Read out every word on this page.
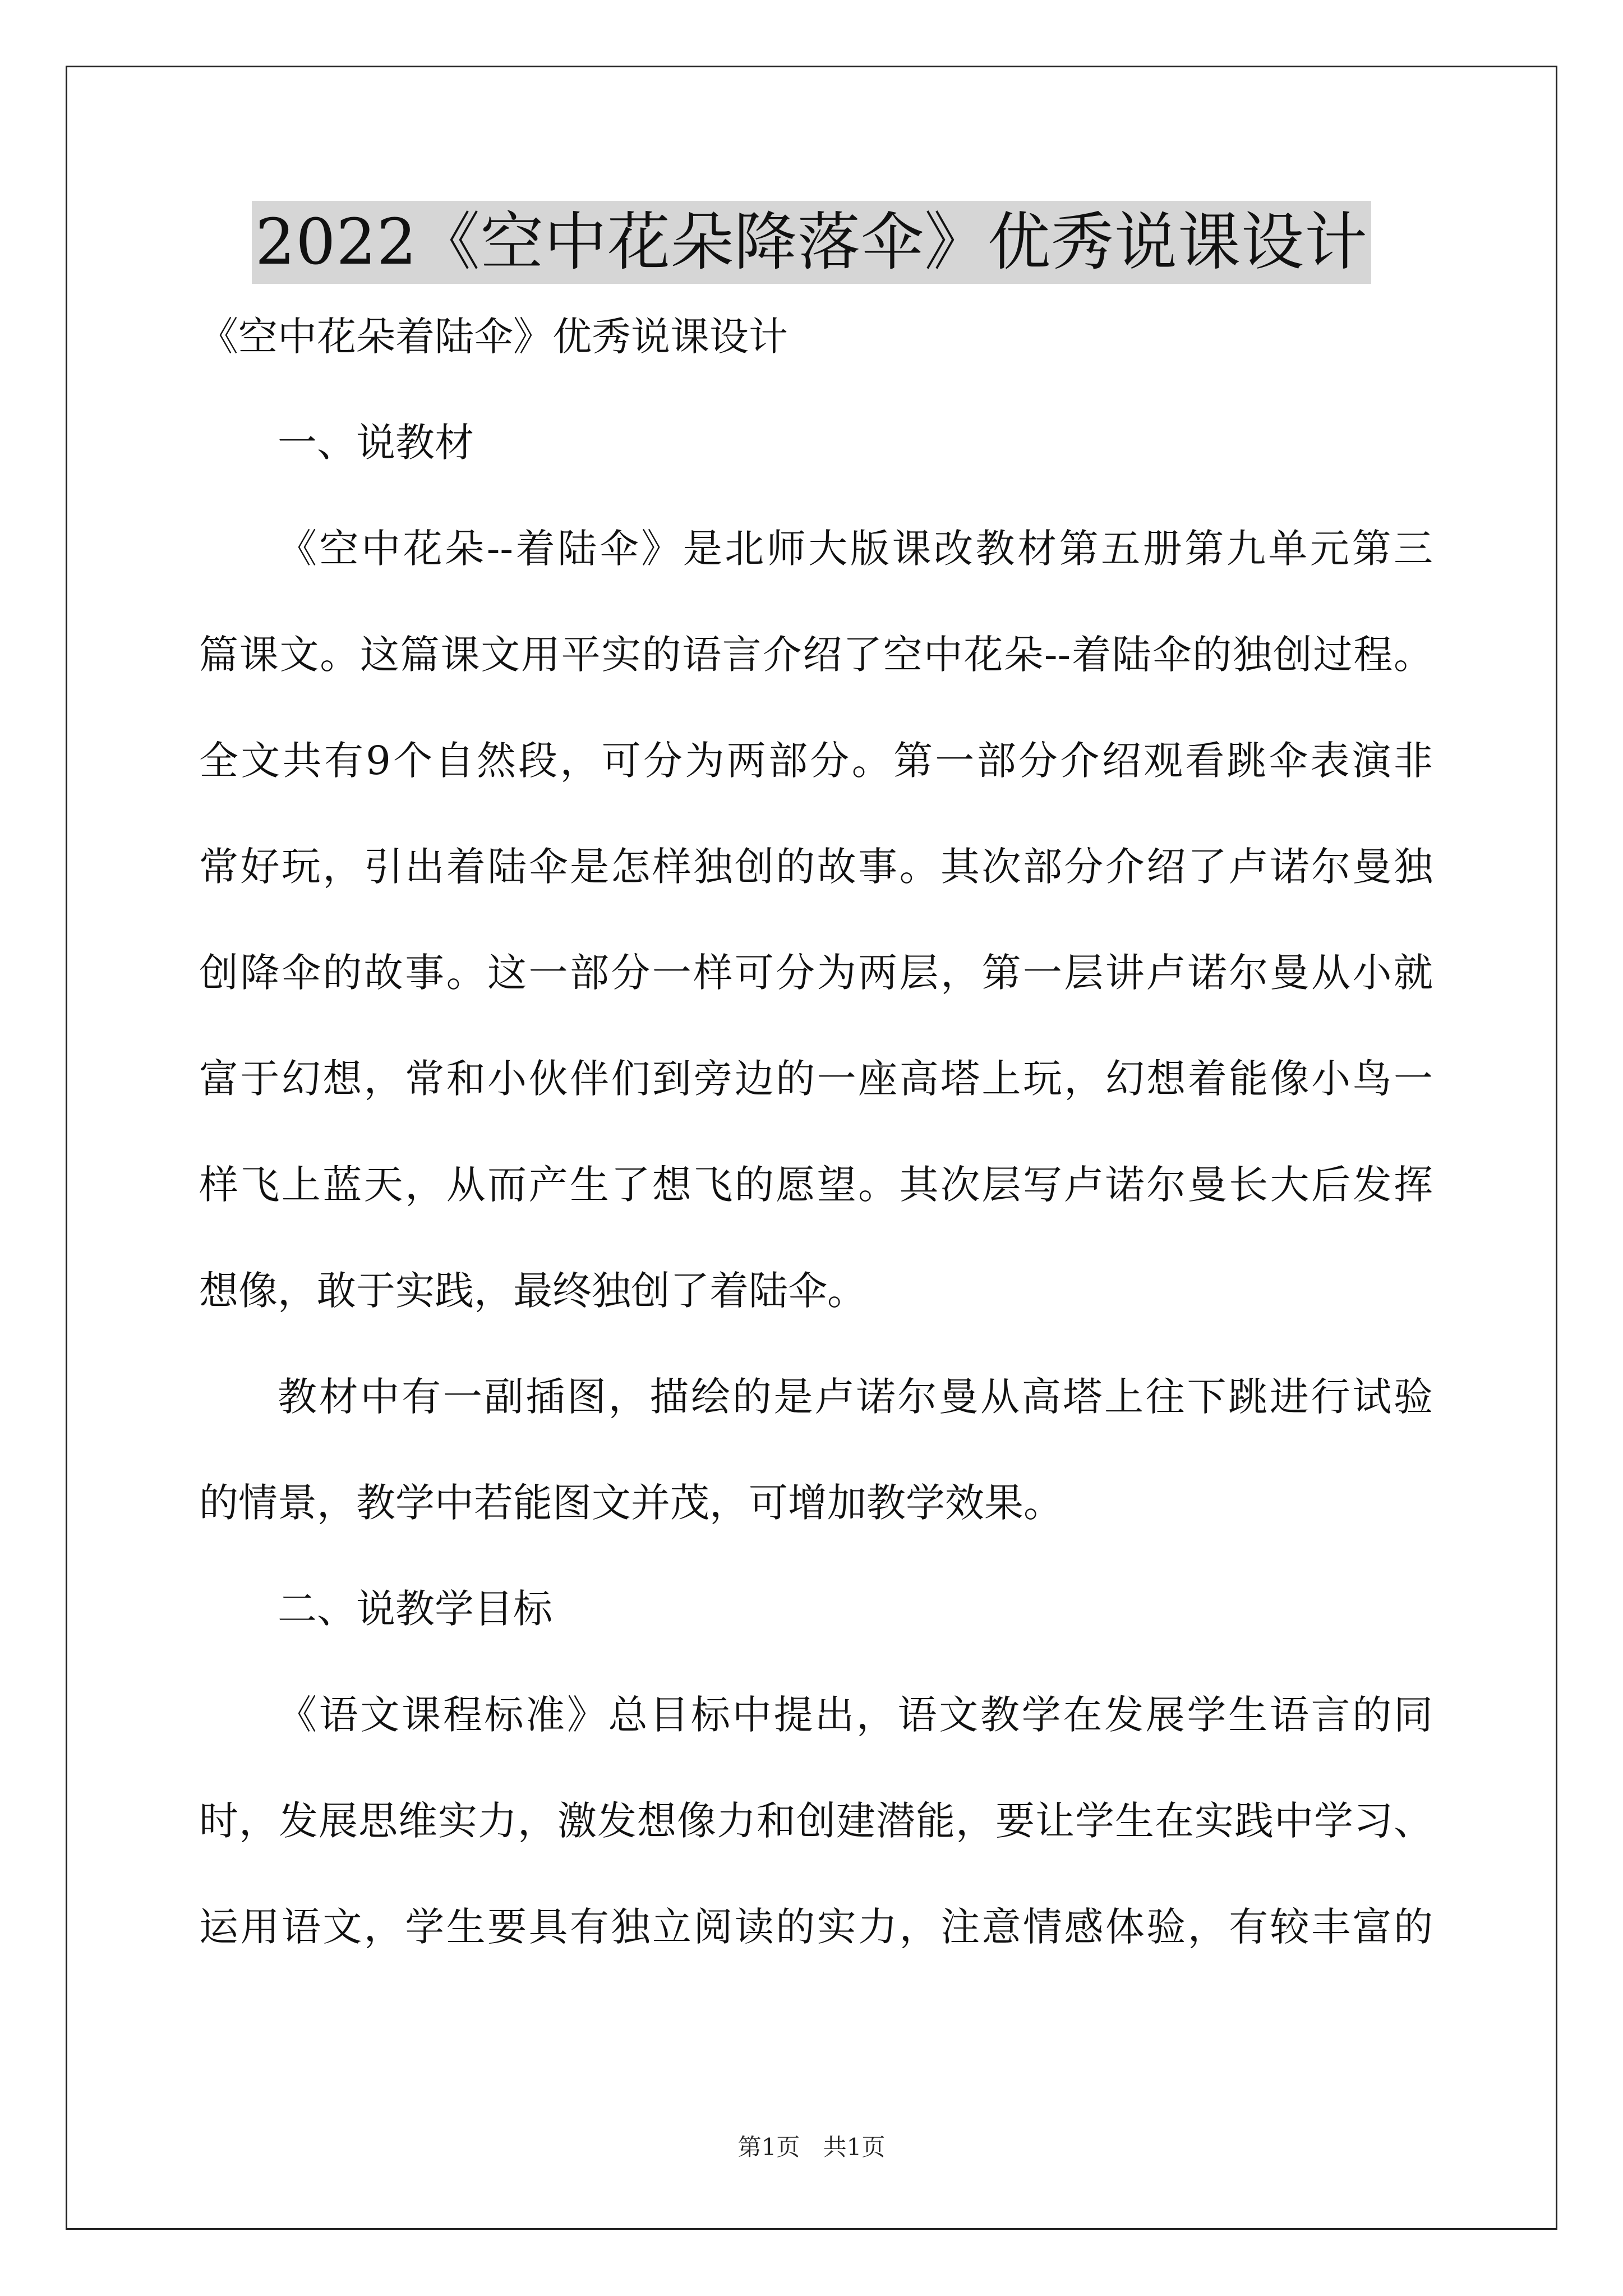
2022《空中花朵降落伞》优秀说课设计
《空中花朵着陆伞》优秀说课设计
一、说教材
《空中花朵--着陆伞》是北师大版课改教材第五册第九单元第三
篇课文。这篇课文用平实的语言介绍了空中花朵--着陆伞的独创过程。
全文共有9个自然段，可分为两部分。第一部分介绍观看跳伞表演非
常好玩，引出着陆伞是怎样独创的故事。其次部分介绍了卢诺尔曼独
创降伞的故事。这一部分一样可分为两层，第一层讲卢诺尔曼从小就
富于幻想，常和小伙伴们到旁边的一座高塔上玩，幻想着能像小鸟一
样飞上蓝天，从而产生了想飞的愿望。其次层写卢诺尔曼长大后发挥
想像，敢于实践，最终独创了着陆伞。
教材中有一副插图，描绘的是卢诺尔曼从高塔上往下跳进行试验
的情景，教学中若能图文并茂，可增加教学效果。
二、说教学目标
《语文课程标准》总目标中提出，语文教学在发展学生语言的同
时，发展思维实力，激发想像力和创建潜能，要让学生在实践中学习、
运用语文，学生要具有独立阅读的实力，注意情感体验，有较丰富的
第1页 共1页
